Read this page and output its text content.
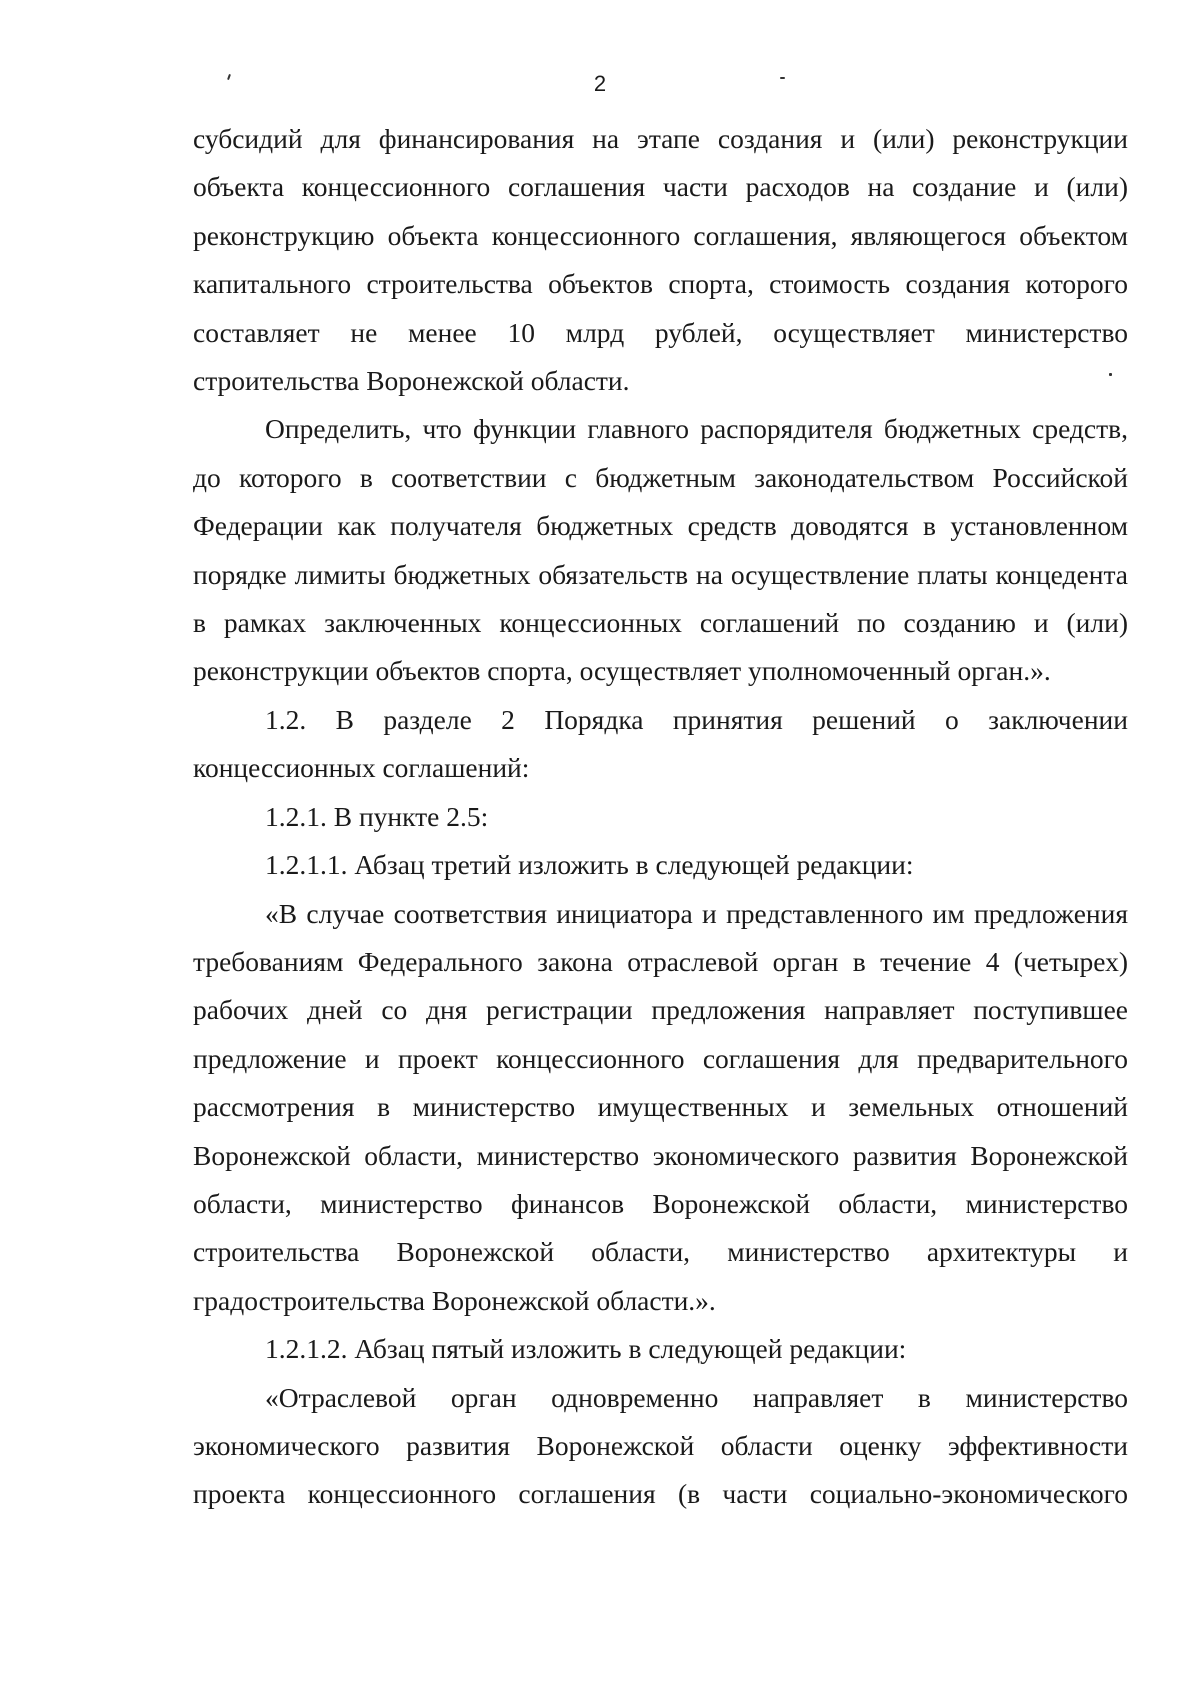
2

субсидий для финансирования на этапе создания и (или) реконструкции объекта концессионного соглашения части расходов на создание и (или) реконструкцию объекта концессионного соглашения, являющегося объектом капитального строительства объектов спорта, стоимость создания которого составляет не менее 10 млрд рублей, осуществляет министерство строительства Воронежской области.

Определить, что функции главного распорядителя бюджетных средств, до которого в соответствии с бюджетным законодательством Российской Федерации как получателя бюджетных средств доводятся в установленном порядке лимиты бюджетных обязательств на осуществление платы концедента в рамках заключенных концессионных соглашений по созданию и (или) реконструкции объектов спорта, осуществляет уполномоченный орган.».

1.2. В разделе 2 Порядка принятия решений о заключении концессионных соглашений:

1.2.1. В пункте 2.5:

1.2.1.1. Абзац третий изложить в следующей редакции:

«В случае соответствия инициатора и представленного им предложения требованиям Федерального закона отраслевой орган в течение 4 (четырех) рабочих дней со дня регистрации предложения направляет поступившее предложение и проект концессионного соглашения для предварительного рассмотрения в министерство имущественных и земельных отношений Воронежской области, министерство экономического развития Воронежской области, министерство финансов Воронежской области, министерство строительства Воронежской области, министерство архитектуры и градостроительства Воронежской области.».

1.2.1.2. Абзац пятый изложить в следующей редакции:

«Отраслевой орган одновременно направляет в министерство экономического развития Воронежской области оценку эффективности проекта концессионного соглашения (в части социально-экономического
